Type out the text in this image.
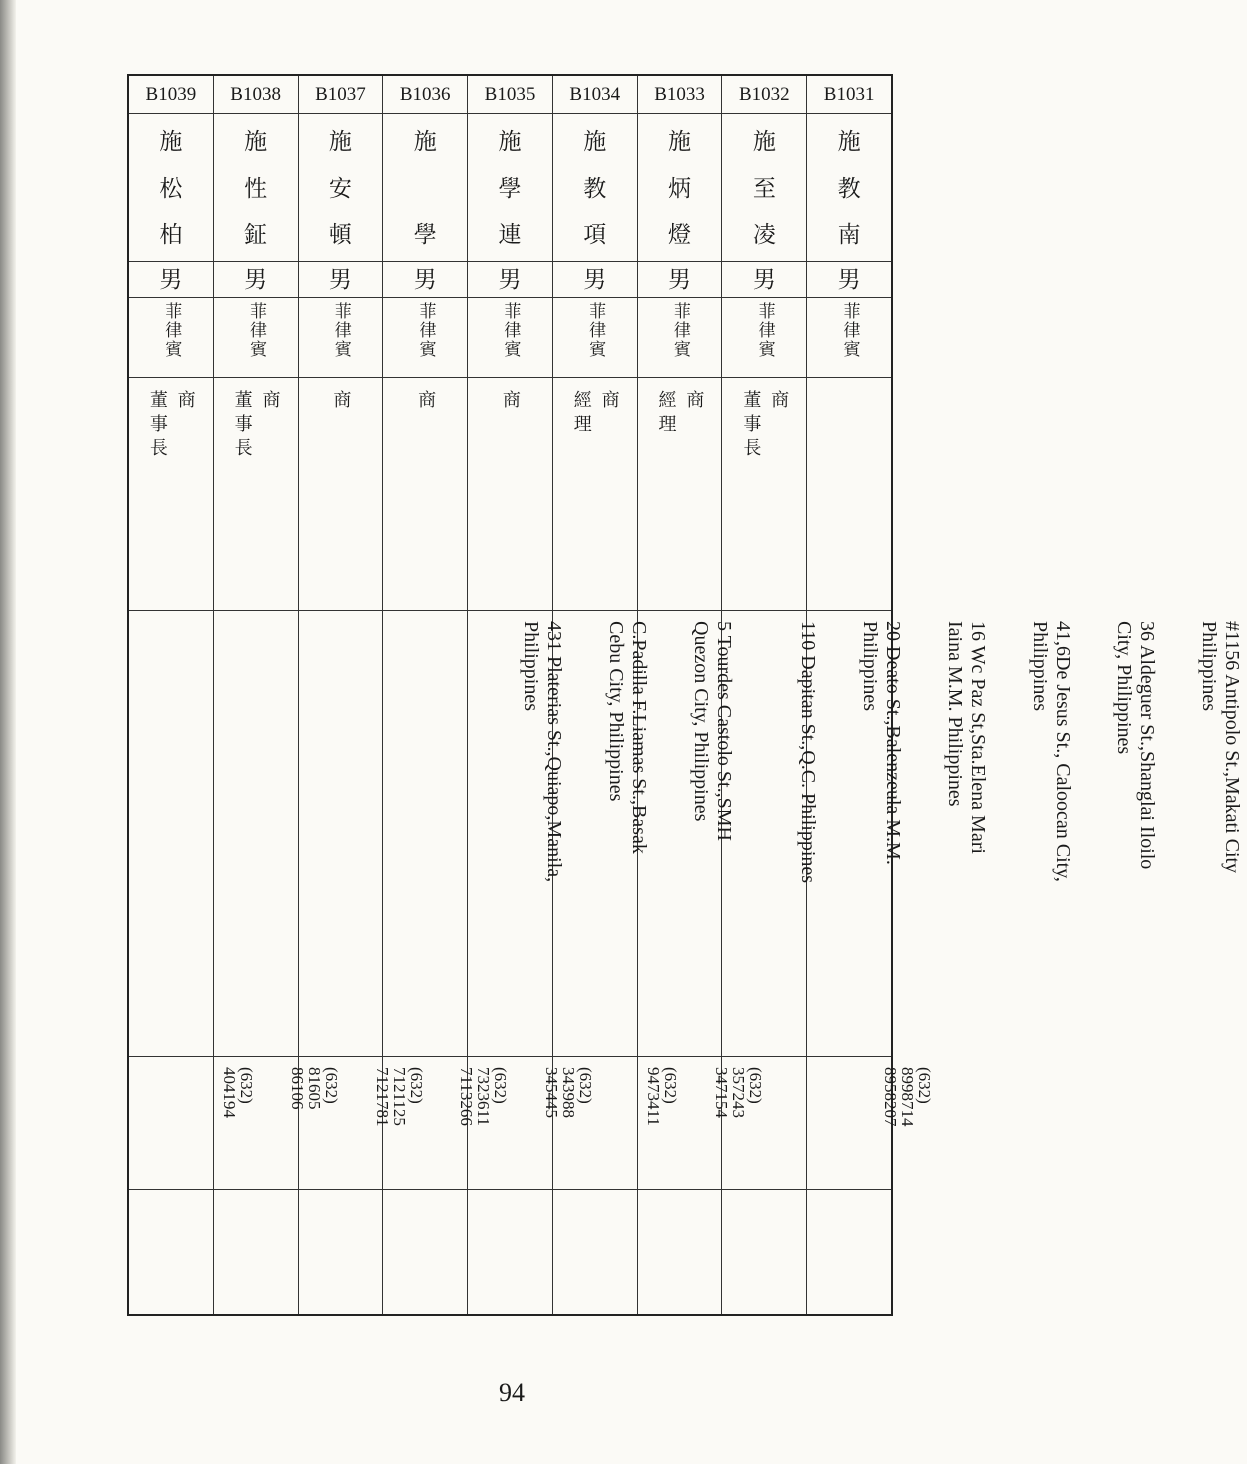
B1031
施
教
南
男
菲律賓
#1156 Antipolo St.,Makati City
Philippines
(632)
8998714
8958207
B1032
施
至
凌
男
菲律賓
商
董事長
36 Aldeguer St.,Shanglai Iloilo
City, Philippines
B1033
施
炳
燈
男
菲律賓
商
經理
41,6De Jesus St., Caloocan City,
Philippines
(632)
357243
347154
B1034
施
教
項
男
菲律賓
商
經理
16 Wc Paz St,Sta.Elena Mari
Iaina M.M. Philippines
(632)
9473411
B1035
施
學
連
男
菲律賓
商
20 Deato St.,Balenzeula M.M.
Philippines
(632)
343988
345445
B1036
施
學
男
菲律賓
商
110 Dapitan St.,Q.C. Philippines
(632)
7323611
7113266
B1037
施
安
頓
男
菲律賓
商
5 Tourdes Castolo St.,SMH
Quezon City, Philippines
(632)
7121125
7121781
B1038
施
性
鉦
男
菲律賓
商
董事長
C.Padilla F.Liamas St.,Basak
Cebu City, Philippines
(632)
81605
86106
B1039
施
松
柏
男
菲律賓
商
董事長
431 Platerias St.,Quiapo,Manila,
Philippines
(632)
404194
94
